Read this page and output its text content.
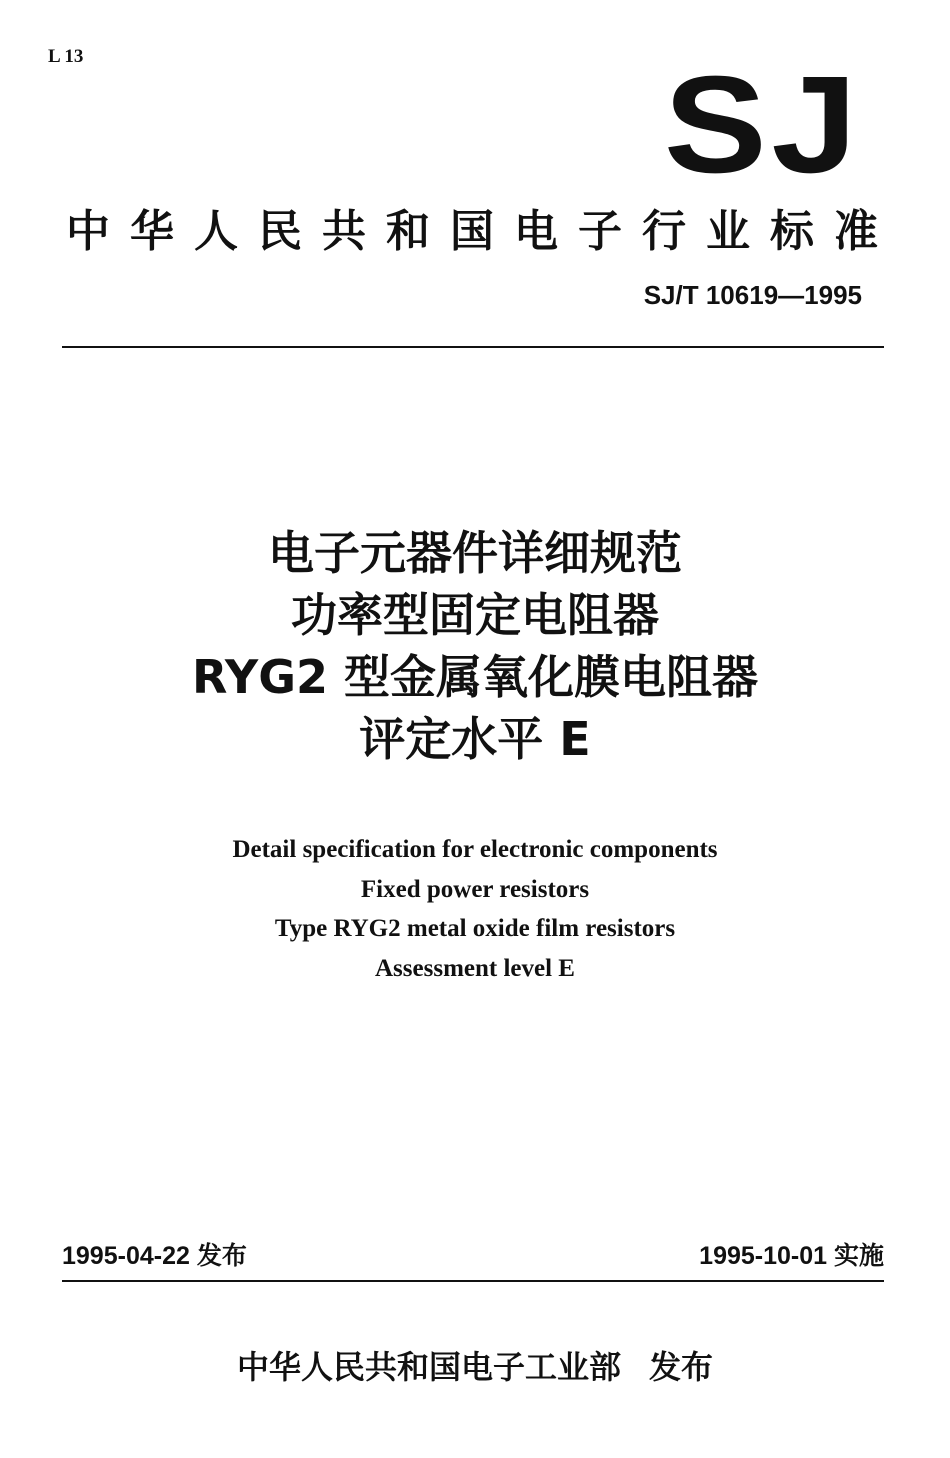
L 13	SJ
中华人民共和国电子行业标准
SJ/T 10619—1995
电子元器件详细规范
功率型固定电阻器
RYG2 型金属氧化膜电阻器
评定水平 E
Detail specification for electronic components
Fixed power resistors
Type RYG2 metal oxide film resistors
Assessment level E
1995-04-22 发布	1995-10-01 实施
中华人民共和国电子工业部 发布
